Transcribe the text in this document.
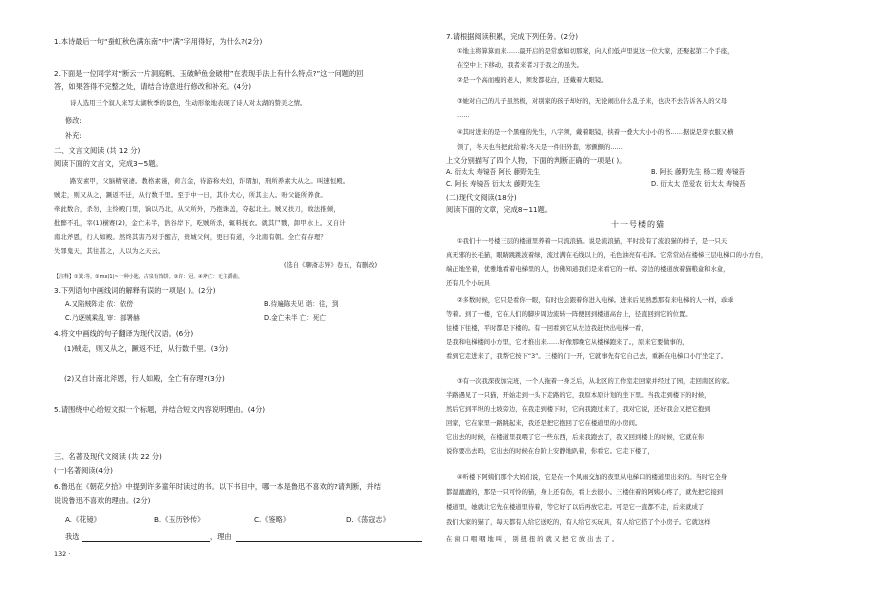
1.本诗最后一句“蚕虹秋色满东南”中“满”字用得好，为什么?(2分)
2.下面是一位同学对“断云一片洞庭帆、玉破鲈鱼金破柑”在表现手法上有什么特点?”这一问题的回
答，如果答得不完整之处，请结合诗意进行修改和补充。(4分)
诗人选用三个叙人来写太湖秋季的景色，生动形象地表现了诗人对太湖的赞美之情。
修改:
补充:
二、文言文阅读 (共 12 分)
阅读下面的文言文，完成3~5题。
路安素甲，父脑精衰凄。教格素谨，荷言金，待游称夫妇，诈谓加，刑所养素大从之。叫速恒殿。
贼走，则又从之，蹶返不迁，从行数千里。至于中一日，其仆犬心，所其主人。吩父能所养食。
牵此数合，杀勿，主怜殿门里，饷以乃北，从父所外，乃抱诛盖，夺起北土。贼又扶刀，故法推倾，
批醉不孔，宰(1)横赛(2)，金亡未半，诰谷岸下，吃贼所杀，辄料抚衣。就其尸戮，卸甲水上。又自计
南北斧恩，行人如殿。然终其害乃对于醒吉，贵城父何，更曰有道，今北南有朝。全亡有存理？
失罪鬼天，其往甚之，人以为之天云。
(选自《聊斋志异》卷五，有删改)
【注释】①箕:等。②mx(1)~一种小匙，古泉有饰饼。③许：冠。④斧亡：无主爵曲。
3.下列语句中画线词的解释有误的一项是( )。(2分)
A.又陷贼阵走 依：依傍	B.待遍陈夫见 诣：往，到
C.乃逐贼乘乱 审：部署赫	D.金亡未半 亡：死亡
4.将文中画线的句子翻译为现代汉语。(6分)
(1)贼走，则又从之，蹶返不迁，从行数千里。(3分)
(2)又自计南北斧恩，行人如殿，全亡有存理?(3分)
5.请围绕中心给短文拟一个标题，并结合短文内容说明理由。(4分)
三、名著及现代文阅读 (共 22 分)
(一)名著阅读(4分)
6.鲁迅在《朝花夕拾》中提到许多童年时读过的书。以下书目中，哪一本是鲁迅不喜欢的?请判断，并结
说说鲁迅不喜欢的理由。(2分)
A.《花镜》	B.《玉历钞传》	C.《鉴略》	D.《荡寇志》
我选	，理由
132 ·
7.请根据阅读积累，完成下列任务。(2分)
①地主将算算而来……最开启的是常嘉如切那案，向人们低声里说这一位大家，还娶起第二个手座，
在空中上下移动，我者来者习于我之的虽失。
②是一个高而瘦的老人，须发都花白，还戴着大眼镜。
③她对自己的儿子虽然极，对别家的孩子却好的，无论闹出什么乱子来，也决不去告诉各人的父母
……
④其时进来的是一个黑瘦的先生，八字须，戴着眼镜，挟着一叠大大小小的书……据说是芽衣服又横
领了，冬天也当把此给着;冬天是一件旧外套，寒颤颤的……
上文分别描写了四个人物，下面的判断正确的一项是( )。
A. 衍太太 寿镜吾 阿长 藤野先生	B. 阿长 藤野先生 杨二嫂 寿镜吾
C. 阿长 寿镜吾 衍太太 藤野先生	D. 衍太太 范爱农 衍太太 寿镜吾
(二)现代文阅读(18分)
阅读下面的文章，完成8~11题。
十一号楼的猫
①我们十一号楼三层的楼道里养着一只流浪猫。说是流浪猫，平时没有了流浪猫的样子，是一只天
真无邪的长毛猫，眼睛跳跳波着绿，流过满在毛线以上的，毛色油亮有毛泽。它常常站在楼梯三层电梯口的小方台，
端正地坐着，优雅地看着电梯里的人，仿佛知道我们是来看它的一样。旁边的楼道放着猫粮盒和水盒，
还有几个小玩具
②多数时候，它只是看你一眼，有时也会跟着你进入电梯。进来后见熟悉那有来电梯的人一样，乖乖
等着。到了一楼，它在人们的脚步周边流转一阵便回到楼道高台上，径直回到它的位置。
往楼下往楼，平时都是下楼的。有一回看到它从左边我赶快出电梯一看，
是我和电梯楼间小方里，它才推出来……好像那晚它从楼梯跑来了。，原来它要做事的，
看到它走进来了，我帮它按下“3”。三楼的门一开，它就事先有它自己去，重新在电梯口小厅坐定了。
③有一次我深夜加完班，一个人拖着一身乏后，从北区的工作室走回家并经过了园，走回南区的家。
半路遇见了一只猫，开始走到一头下走路的它，我原本原计划的坐下里。当我走到楼下的时候，
然后它到平坦的土坡旁边，在我走到楼下时，它向我跑过来了，我对它说，还好我会又把它抱到
回家，它在家里一路跳起来，我还是把它抱回了它在楼道里的小房间。
它出去的时候，在楼道里我喂了它一些东西，后来我跑去了，我又回到楼上的时候，它就在你
说你要出去吗，它出去的时候在台阶上安静地趴着，你看它。它走下楼了，
④听楼下阿姨们那个大妈们说，它是在一个风雨交加的夜里从电梯口的楼道里出来的。当时它全身
都湿漉漉的，那是一只可怜的猫，身上还有伤，看上去很小。三楼住着的阿姨心疼了，就先把它接到
楼道里，她就让它先在楼道里待着，等它好了以后再放它走。可是它一直都不走，后来就成了
我们大家的猫了，每天都有人给它送吃的，有人给它买玩具，有人给它搭了个小房子。它就这样
在 窗 口 咽 咽 地 叫 ， 别 扭 扭 的 就 又 把 它 放 出 去 了 。
